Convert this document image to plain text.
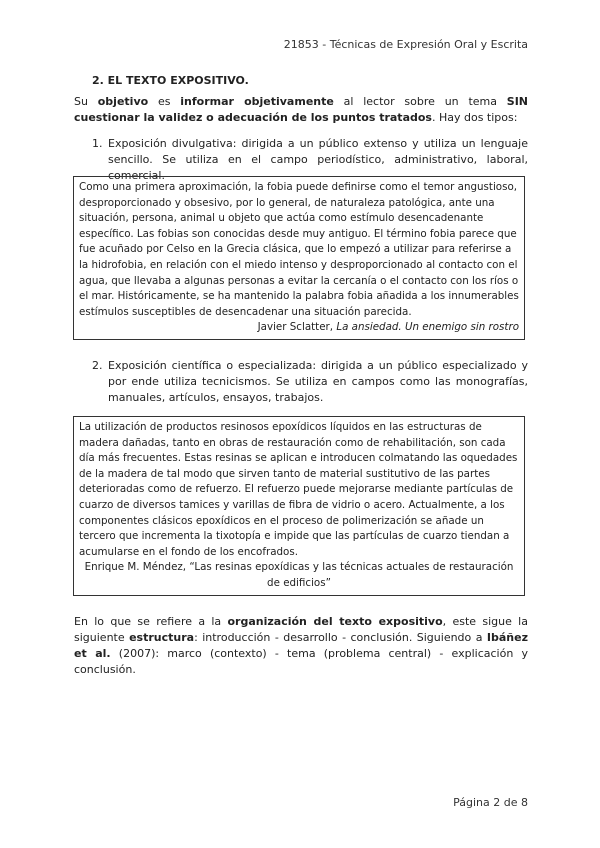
21853 - Técnicas de Expresión Oral y Escrita
2. EL TEXTO EXPOSITIVO.
Su objetivo es informar objetivamente al lector sobre un tema SIN cuestionar la validez o adecuación de los puntos tratados. Hay dos tipos:
1. Exposición divulgativa: dirigida a un público extenso y utiliza un lenguaje sencillo. Se utiliza en el campo periodístico, administrativo, laboral, comercial.
Como una primera aproximación, la fobia puede definirse como el temor angustioso, desproporcionado y obsesivo, por lo general, de naturaleza patológica, ante una situación, persona, animal u objeto que actúa como estímulo desencadenante específico. Las fobias son conocidas desde muy antiguo. El término fobia parece que fue acuñado por Celso en la Grecia clásica, que lo empezó a utilizar para referirse a la hidrofobia, en relación con el miedo intenso y desproporcionado al contacto con el agua, que llevaba a algunas personas a evitar la cercanía o el contacto con los ríos o el mar. Históricamente, se ha mantenido la palabra fobia añadida a los innumerables estímulos susceptibles de desencadenar una situación parecida.
Javier Sclatter, La ansiedad. Un enemigo sin rostro
2. Exposición científica o especializada: dirigida a un público especializado y por ende utiliza tecnicismos. Se utiliza en campos como las monografías, manuales, artículos, ensayos, trabajos.
La utilización de productos resinosos epoxídicos líquidos en las estructuras de madera dañadas, tanto en obras de restauración como de rehabilitación, son cada día más frecuentes. Estas resinas se aplican e introducen colmatando las oquedades de la madera de tal modo que sirven tanto de material sustitutivo de las partes deterioradas como de refuerzo. El refuerzo puede mejorarse mediante partículas de cuarzo de diversos tamices y varillas de fibra de vidrio o acero. Actualmente, a los componentes clásicos epoxídicos en el proceso de polimerización se añade un tercero que incrementa la tixotopía e impide que las partículas de cuarzo tiendan a acumularse en el fondo de los encofrados.
Enrique M. Méndez, “Las resinas epoxídicas y las técnicas actuales de restauración de edificios”
En lo que se refiere a la organización del texto expositivo, este sigue la siguiente estructura: introducción - desarrollo - conclusión. Siguiendo a Ibáñez et al. (2007): marco (contexto) - tema (problema central) - explicación y conclusión.
Página 2 de 8
